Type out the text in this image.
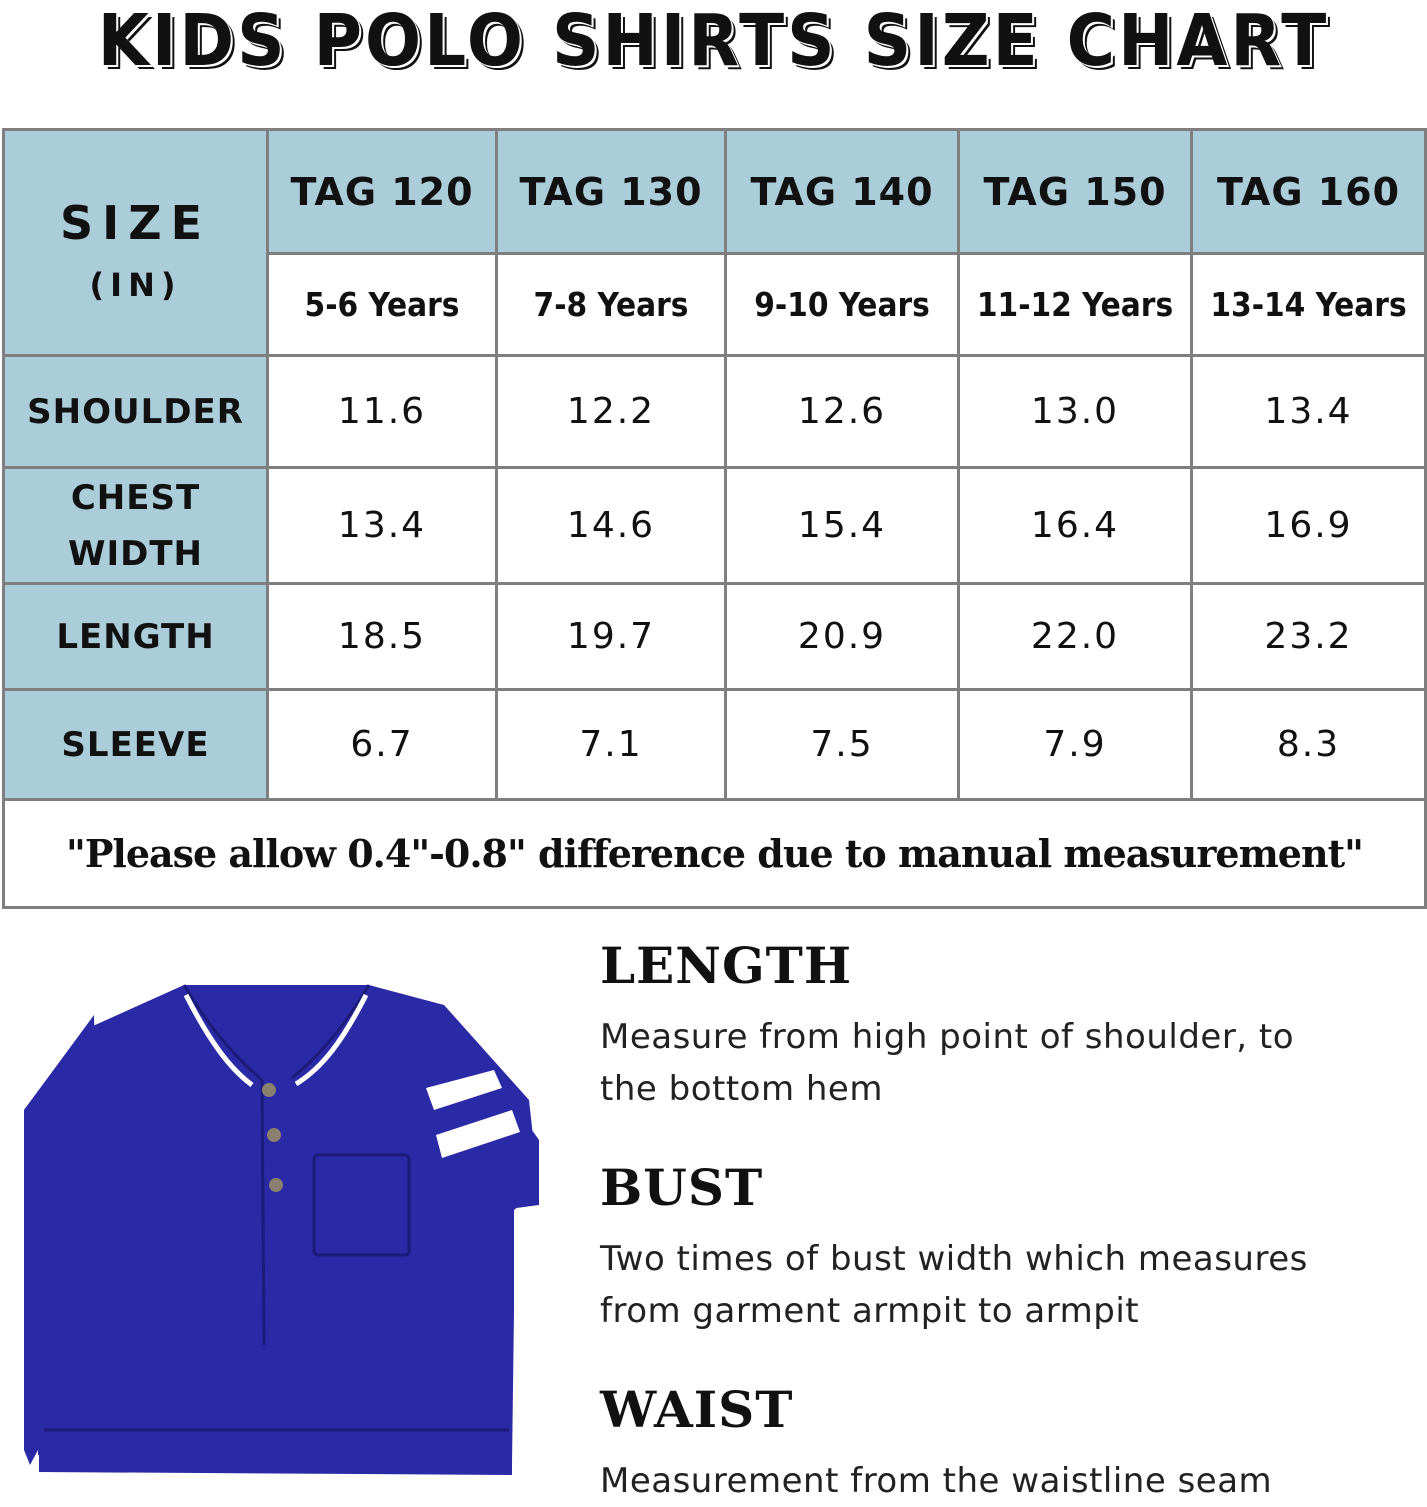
KIDS POLO SHIRTS SIZE CHART
SIZE
(IN)	TAG 120	TAG 130	TAG 140	TAG 150	TAG 160
	5-6 Years	7-8 Years	9-10 Years	11-12 Years	13-14 Years
SHOULDER	11.6	12.2	12.6	13.0	13.4
CHEST
WIDTH	13.4	14.6	15.4	16.4	16.9
LENGTH	18.5	19.7	20.9	22.0	23.2
SLEEVE	6.7	7.1	7.5	7.9	8.3
"Please allow 0.4"-0.8" difference due to manual measurement"					
LENGTH

Measure from high point of shoulder, to

the bottom hem

BUST

Two times of bust width which measures

from garment armpit to armpit

WAIST

Measurement from the waistline seam
